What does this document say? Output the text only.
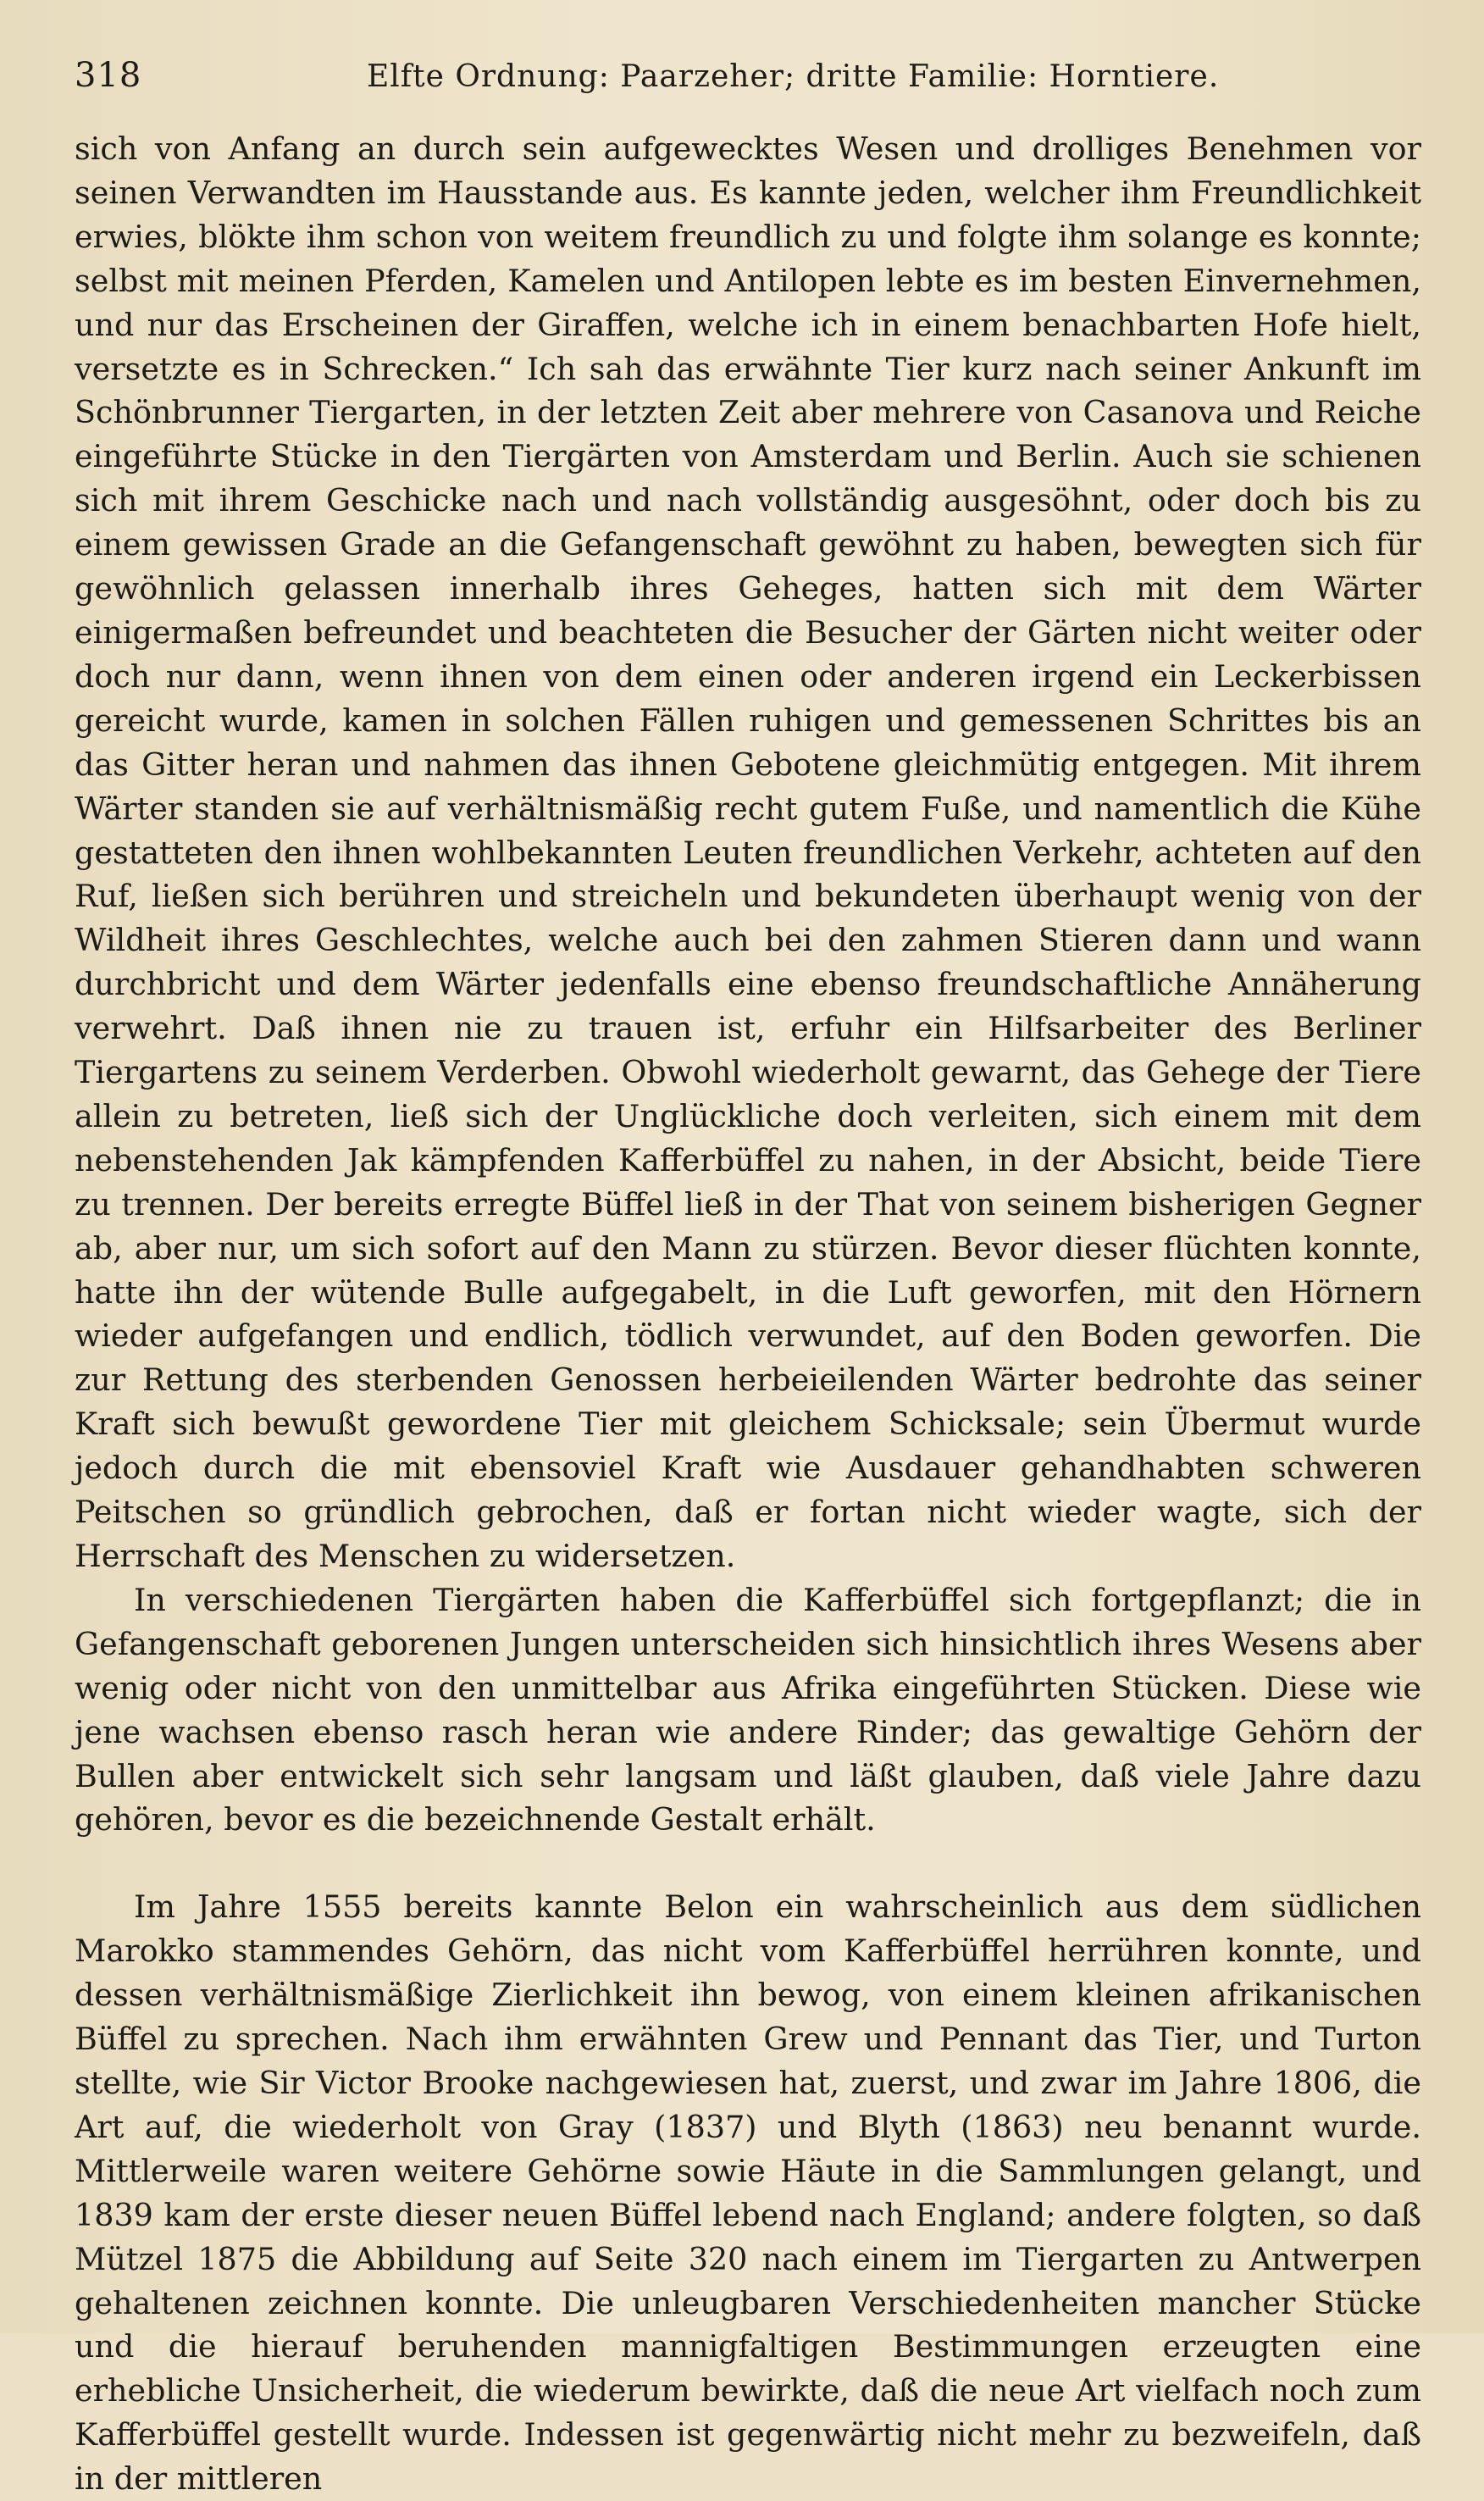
318	Elfte Ordnung: Paarzeher; dritte Familie: Horntiere.

sich von Anfang an durch sein aufgewecktes Wesen und drolliges Benehmen vor seinen Verwandten im Hausstande aus. Es kannte jeden, welcher ihm Freundlichkeit erwies, blökte ihm schon von weitem freundlich zu und folgte ihm solange es konnte; selbst mit meinen Pferden, Kamelen und Antilopen lebte es im besten Einvernehmen, und nur das Erscheinen der Giraffen, welche ich in einem benachbarten Hofe hielt, versetzte es in Schrecken.“ Ich sah das erwähnte Tier kurz nach seiner Ankunft im Schönbrunner Tiergarten, in der letzten Zeit aber mehrere von Casanova und Reiche eingeführte Stücke in den Tiergärten von Amsterdam und Berlin. Auch sie schienen sich mit ihrem Geschicke nach und nach vollständig ausgesöhnt, oder doch bis zu einem gewissen Grade an die Gefangenschaft gewöhnt zu haben, bewegten sich für gewöhnlich gelassen innerhalb ihres Geheges, hatten sich mit dem Wärter einigermaßen befreundet und beachteten die Besucher der Gärten nicht weiter oder doch nur dann, wenn ihnen von dem einen oder anderen irgend ein Leckerbissen gereicht wurde, kamen in solchen Fällen ruhigen und gemessenen Schrittes bis an das Gitter heran und nahmen das ihnen Gebotene gleichmütig entgegen. Mit ihrem Wärter standen sie auf verhältnismäßig recht gutem Fuße, und namentlich die Kühe gestatteten den ihnen wohlbekannten Leuten freundlichen Verkehr, achteten auf den Ruf, ließen sich berühren und streicheln und bekundeten überhaupt wenig von der Wildheit ihres Geschlechtes, welche auch bei den zahmen Stieren dann und wann durchbricht und dem Wärter jedenfalls eine ebenso freundschaftliche Annäherung verwehrt. Daß ihnen nie zu trauen ist, erfuhr ein Hilfsarbeiter des Berliner Tiergartens zu seinem Verderben. Obwohl wiederholt gewarnt, das Gehege der Tiere allein zu betreten, ließ sich der Unglückliche doch verleiten, sich einem mit dem nebenstehenden Jak kämpfenden Kafferbüffel zu nahen, in der Absicht, beide Tiere zu trennen. Der bereits erregte Büffel ließ in der That von seinem bisherigen Gegner ab, aber nur, um sich sofort auf den Mann zu stürzen. Bevor dieser flüchten konnte, hatte ihn der wütende Bulle aufgegabelt, in die Luft geworfen, mit den Hörnern wieder aufgefangen und endlich, tödlich verwundet, auf den Boden geworfen. Die zur Rettung des sterbenden Genossen herbeieilenden Wärter bedrohte das seiner Kraft sich bewußt gewordene Tier mit gleichem Schicksale; sein Übermut wurde jedoch durch die mit ebensoviel Kraft wie Ausdauer gehandhabten schweren Peitschen so gründlich gebrochen, daß er fortan nicht wieder wagte, sich der Herrschaft des Menschen zu widersetzen.

In verschiedenen Tiergärten haben die Kafferbüffel sich fortgepflanzt; die in Gefangenschaft geborenen Jungen unterscheiden sich hinsichtlich ihres Wesens aber wenig oder nicht von den unmittelbar aus Afrika eingeführten Stücken. Diese wie jene wachsen ebenso rasch heran wie andere Rinder; das gewaltige Gehörn der Bullen aber entwickelt sich sehr langsam und läßt glauben, daß viele Jahre dazu gehören, bevor es die bezeichnende Gestalt erhält.

Im Jahre 1555 bereits kannte Belon ein wahrscheinlich aus dem südlichen Marokko stammendes Gehörn, das nicht vom Kafferbüffel herrühren konnte, und dessen verhältnismäßige Zierlichkeit ihn bewog, von einem kleinen afrikanischen Büffel zu sprechen. Nach ihm erwähnten Grew und Pennant das Tier, und Turton stellte, wie Sir Victor Brooke nachgewiesen hat, zuerst, und zwar im Jahre 1806, die Art auf, die wiederholt von Gray (1837) und Blyth (1863) neu benannt wurde. Mittlerweile waren weitere Gehörne sowie Häute in die Sammlungen gelangt, und 1839 kam der erste dieser neuen Büffel lebend nach England; andere folgten, so daß Mützel 1875 die Abbildung auf Seite 320 nach einem im Tiergarten zu Antwerpen gehaltenen zeichnen konnte. Die unleugbaren Verschiedenheiten mancher Stücke und die hierauf beruhenden mannigfaltigen Bestimmungen erzeugten eine erhebliche Unsicherheit, die wiederum bewirkte, daß die neue Art vielfach noch zum Kafferbüffel gestellt wurde. Indessen ist gegenwärtig nicht mehr zu bezweifeln, daß in der mittleren
